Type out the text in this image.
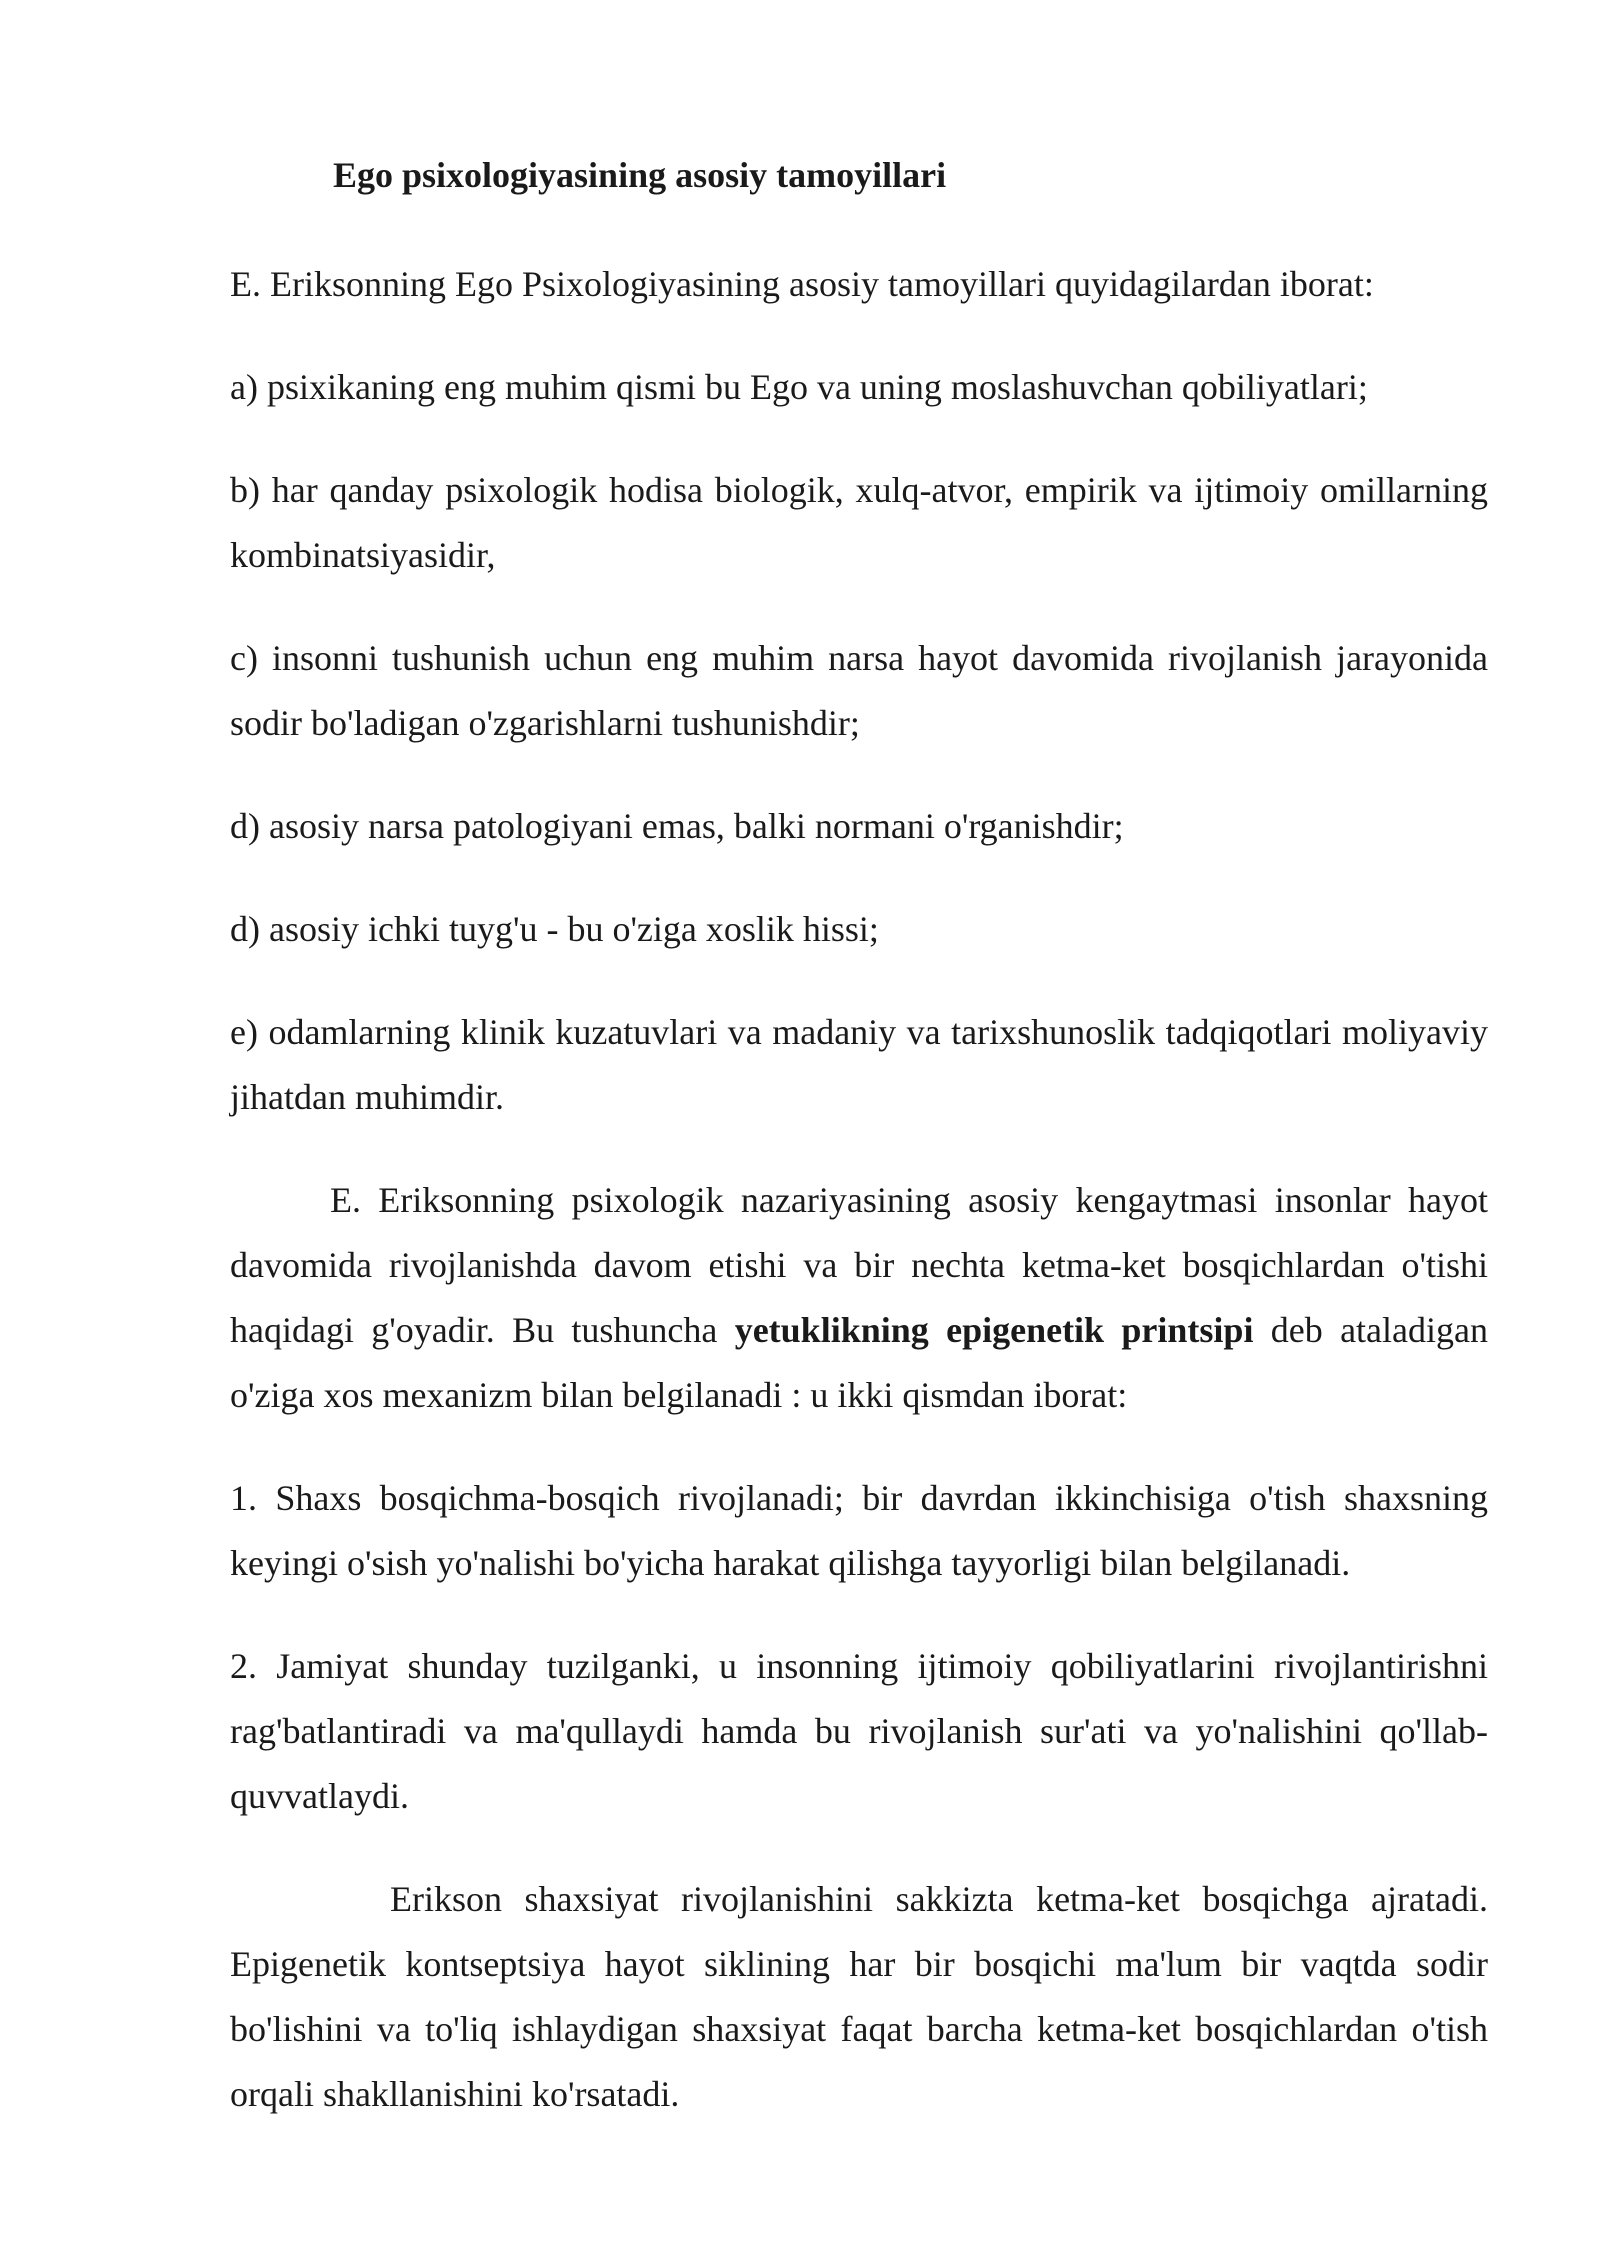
Ego psixologiyasining asosiy tamoyillari

E. Eriksonning Ego Psixologiyasining asosiy tamoyillari quyidagilardan iborat:

a) psixikaning eng muhim qismi bu Ego va uning moslashuvchan qobiliyatlari;

b) har qanday psixologik hodisa biologik, xulq-atvor, empirik va ijtimoiy omillarning kombinatsiyasidir,

c) insonni tushunish uchun eng muhim narsa hayot davomida rivojlanish jarayonida sodir bo'ladigan o'zgarishlarni tushunishdir;

d) asosiy narsa patologiyani emas, balki normani o'rganishdir;

d) asosiy ichki tuyg'u - bu o'ziga xoslik hissi;

e) odamlarning klinik kuzatuvlari va madaniy va tarixshunoslik tadqiqotlari moliyaviy jihatdan muhimdir.

E. Eriksonning psixologik nazariyasining asosiy kengaytmasi insonlar hayot davomida rivojlanishda davom etishi va bir nechta ketma-ket bosqichlardan o'tishi haqidagi g'oyadir. Bu tushuncha yetuklikning epigenetik printsipi deb ataladigan o'ziga xos mexanizm bilan belgilanadi : u ikki qismdan iborat:

1. Shaxs bosqichma-bosqich rivojlanadi; bir davrdan ikkinchisiga o'tish shaxsning keyingi o'sish yo'nalishi bo'yicha harakat qilishga tayyorligi bilan belgilanadi.

2. Jamiyat shunday tuzilganki, u insonning ijtimoiy qobiliyatlarini rivojlantirishni rag'batlantiradi va ma'qullaydi hamda bu rivojlanish sur'ati va yo'nalishini qo'llab-quvvatlaydi.

Erikson shaxsiyat rivojlanishini sakkizta ketma-ket bosqichga ajratadi. Epigenetik kontseptsiya hayot siklining har bir bosqichi ma'lum bir vaqtda sodir bo'lishini va to'liq ishlaydigan shaxsiyat faqat barcha ketma-ket bosqichlardan o'tish orqali shakllanishini ko'rsatadi.
